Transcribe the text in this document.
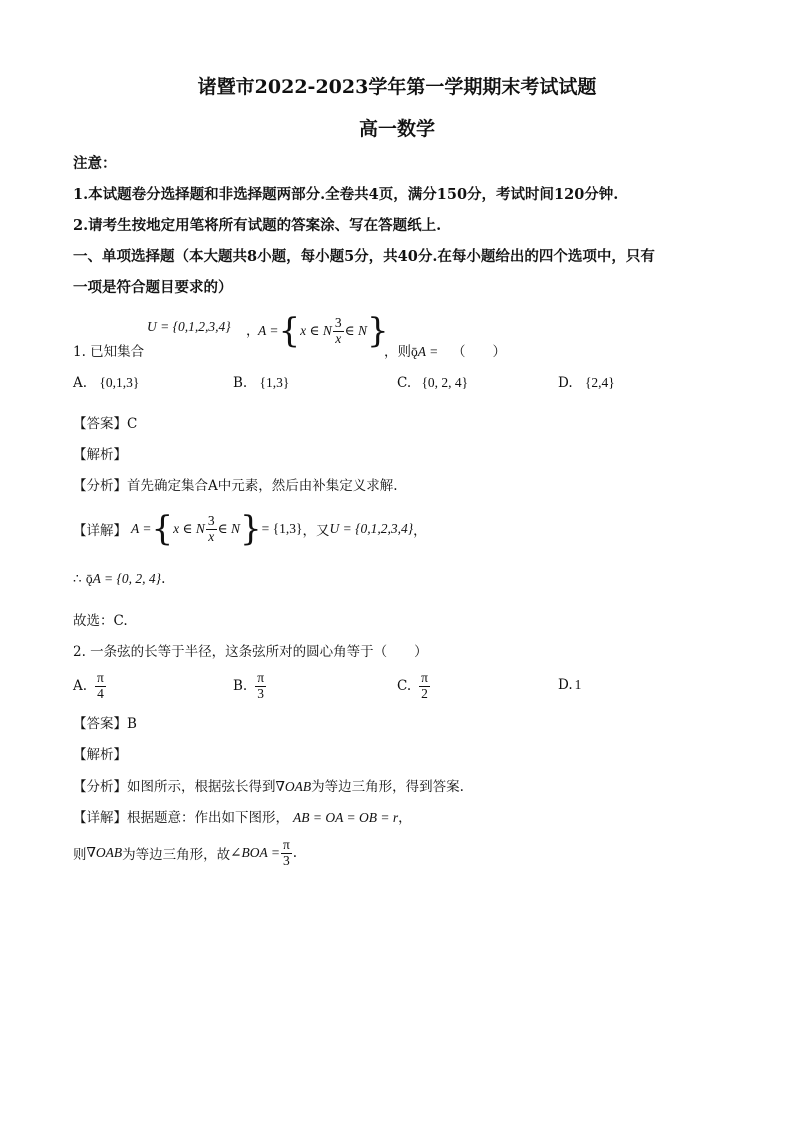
诸暨市2022-2023学年第一学期期末考试试题
高一数学
注意：
1.本试题卷分选择题和非选择题两部分.全卷共4页，满分150分，考试时间120分钟.
2.请考生按地定用笔将所有试题的答案涂、写在答题纸上.
一、单项选择题（本大题共8小题，每小题5分，共40分.在每小题给出的四个选项中，只有
一项是符合题目要求的）
1. 已知集合
U = {0,1,2,3,4} ，
A = { x ∈ N $\frac{3}{x}$ ∈ N }
，则ǭA = （　　）
A. {0,1,3}	B. {1,3}	C. {0, 2, 4}	D. {2,4}
【答案】C
【解析】
【分析】首先确定集合A中元素，然后由补集定义求解.
【详解】 A = { x ∈ N $\frac{3}{x}$ ∈ N } = {1,3} ，又 U = {0,1,2,3,4} ，
∴ ǭA = {0, 2, 4}.
故选：C.
2. 一条弦的长等于半径，这条弦所对的圆心角等于（　　）
A. $\frac{\pi}{4}$	B. $\frac{\pi}{3}$	C. $\frac{\pi}{2}$	D. 1
【答案】B
【解析】
【分析】如图所示，根据弦长得到∇OAB为等边三角形，得到答案.
【详解】根据题意：作出如下图形， AB = OA = OB = r，
则 ∇OAB 为等边三角形，故 ∠BOA = $\frac{\pi}{3}$ .
